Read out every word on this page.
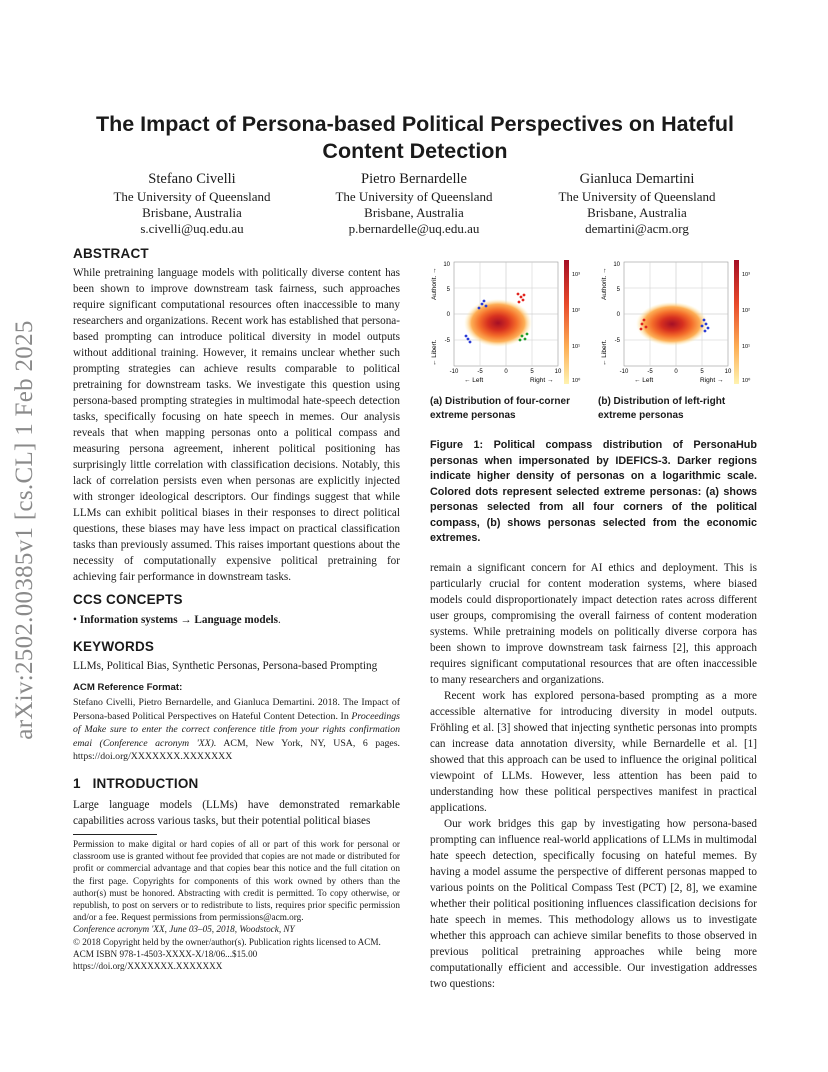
arXiv:2502.00385v1 [cs.CL] 1 Feb 2025
The Impact of Persona-based Political Perspectives on Hateful Content Detection
Stefano Civelli
The University of Queensland
Brisbane, Australia
s.civelli@uq.edu.au
Pietro Bernardelle
The University of Queensland
Brisbane, Australia
p.bernardelle@uq.edu.au
Gianluca Demartini
The University of Queensland
Brisbane, Australia
demartini@acm.org
ABSTRACT
While pretraining language models with politically diverse content has been shown to improve downstream task fairness, such approaches require significant computational resources often inaccessible to many researchers and organizations. Recent work has established that persona-based prompting can introduce political diversity in model outputs without additional training. However, it remains unclear whether such prompting strategies can achieve results comparable to political pretraining for downstream tasks. We investigate this question using persona-based prompting strategies in multimodal hate-speech detection tasks, specifically focusing on hate speech in memes. Our analysis reveals that when mapping personas onto a political compass and measuring persona agreement, inherent political positioning has surprisingly little correlation with classification decisions. Notably, this lack of correlation persists even when personas are explicitly injected with stronger ideological descriptors. Our findings suggest that while LLMs can exhibit political biases in their responses to direct political questions, these biases may have less impact on practical classification tasks than previously assumed. This raises important questions about the necessity of computationally expensive political pretraining for achieving fair performance in downstream tasks.
CCS CONCEPTS
• Information systems → Language models.
KEYWORDS
LLMs, Political Bias, Synthetic Personas, Persona-based Prompting
ACM Reference Format:
Stefano Civelli, Pietro Bernardelle, and Gianluca Demartini. 2018. The Impact of Persona-based Political Perspectives on Hateful Content Detection. In Proceedings of Make sure to enter the correct conference title from your rights confirmation emai (Conference acronym 'XX). ACM, New York, NY, USA, 6 pages. https://doi.org/XXXXXXX.XXXXXXX
1 INTRODUCTION
Large language models (LLMs) have demonstrated remarkable capabilities across various tasks, but their potential political biases
Permission to make digital or hard copies of all or part of this work for personal or classroom use is granted without fee provided that copies are not made or distributed for profit or commercial advantage and that copies bear this notice and the full citation on the first page. Copyrights for components of this work owned by others than the author(s) must be honored. Abstracting with credit is permitted. To copy otherwise, or republish, to post on servers or to redistribute to lists, requires prior specific permission and/or a fee. Request permissions from permissions@acm.org.
Conference acronym 'XX, June 03–05, 2018, Woodstock, NY
© 2018 Copyright held by the owner/author(s). Publication rights licensed to ACM.
ACM ISBN 978-1-4503-XXXX-X/18/06...$15.00
https://doi.org/XXXXXXX.XXXXXXX
10
5
0
-5
-10	-5	0	5	10
← Left	Right →
Authorit. →
← Libert.
10³
10²
10¹
10⁰
10
5
0
-5
-10	-5	0	5	10
← Left	Right →
Authorit. →
← Libert.
10³
10²
10¹
10⁰
(a) Distribution of four-corner extreme personas
(b) Distribution of left-right extreme personas
Figure 1: Political compass distribution of PersonaHub personas when impersonated by IDEFICS-3. Darker regions indicate higher density of personas on a logarithmic scale. Colored dots represent selected extreme personas: (a) shows personas selected from all four corners of the political compass, (b) shows personas selected from the economic extremes.

remain a significant concern for AI ethics and deployment. This is particularly crucial for content moderation systems, where biased models could disproportionately impact detection rates across different user groups, compromising the overall fairness of content moderation systems. While pretraining models on politically diverse corpora has been shown to improve downstream task fairness [2], this approach requires significant computational resources that are often inaccessible to many researchers and organizations.

Recent work has explored persona-based prompting as a more accessible alternative for introducing diversity in model outputs. Fröhling et al. [3] showed that injecting synthetic personas into prompts can increase data annotation diversity, while Bernardelle et al. [1] showed that this approach can be used to influence the original political viewpoint of LLMs. However, less attention has been paid to understanding how these political perspectives manifest in practical applications.

Our work bridges this gap by investigating how persona-based prompting can influence real-world applications of LLMs in multimodal hate speech detection, specifically focusing on hateful memes. By having a model assume the perspective of different personas mapped to various points on the Political Compass Test (PCT) [2, 8], we examine whether their political positioning influences classification decisions for hate speech in memes. This methodology allows us to investigate whether this approach can achieve similar benefits to those observed in previous political pretraining approaches while being more computationally efficient and accessible. Our investigation addresses two questions:
